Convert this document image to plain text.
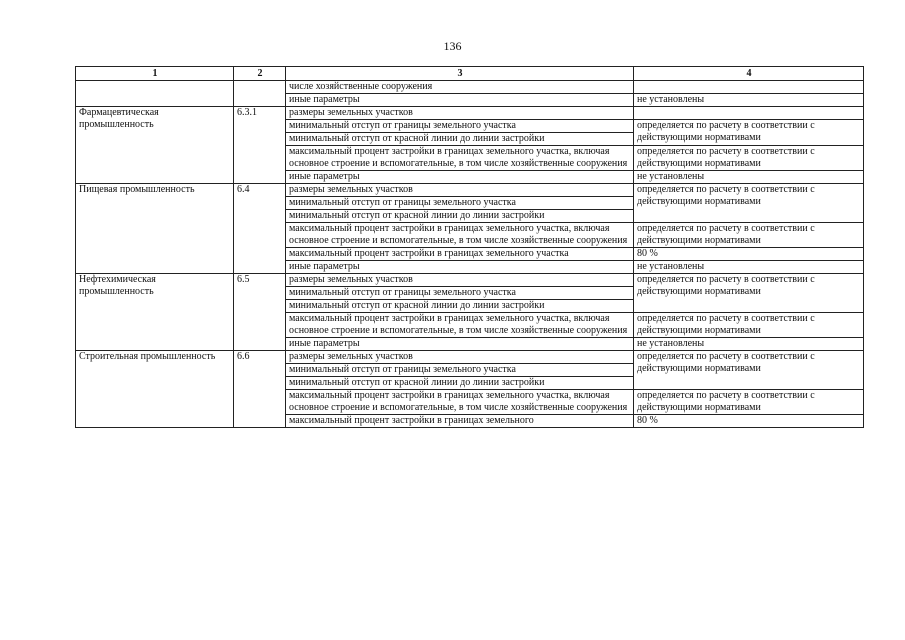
136
1	2	3	4
		числе хозяйственные сооружения	
		иные параметры	не установлены
Фармацевтическая промышленность	6.3.1	размеры земельных участков	
		минимальный отступ от границы земельного участка	определяется по расчету в соответствии с действующими нормативами
		минимальный отступ от красной линии до линии застройки	
		максимальный процент застройки в границах земельного участка, включая основное строение и вспомогательные, в том числе хозяйственные сооружения	определяется по расчету в соответствии с действующими нормативами
		иные параметры	не установлены
Пищевая промышленность	6.4	размеры земельных участков	определяется по расчету в соответствии с действующими нормативами
		минимальный отступ от границы земельного участка	
		минимальный отступ от красной линии до линии застройки	
		максимальный процент застройки в границах земельного участка, включая основное строение и вспомогательные, в том числе хозяйственные сооружения	определяется по расчету в соответствии с действующими нормативами
		максимальный процент застройки в границах земельного участка	80 %
		иные параметры	не установлены
Нефтехимическая промышленность	6.5	размеры земельных участков	определяется по расчету в соответствии с действующими нормативами
		минимальный отступ от границы земельного участка	
		минимальный отступ от красной линии до линии застройки	
		максимальный процент застройки в границах земельного участка, включая основное строение и вспомогательные, в том числе хозяйственные сооружения	определяется по расчету в соответствии с действующими нормативами
		иные параметры	не установлены
Строительная промышленность	6.6	размеры земельных участков	определяется по расчету в соответствии с действующими нормативами
		минимальный отступ от границы земельного участка	
		минимальный отступ от красной линии до линии застройки	
		максимальный процент застройки в границах земельного участка, включая основное строение и вспомогательные, в том числе хозяйственные сооружения	определяется по расчету в соответствии с действующими нормативами
		максимальный процент застройки в границах земельного	80 %
